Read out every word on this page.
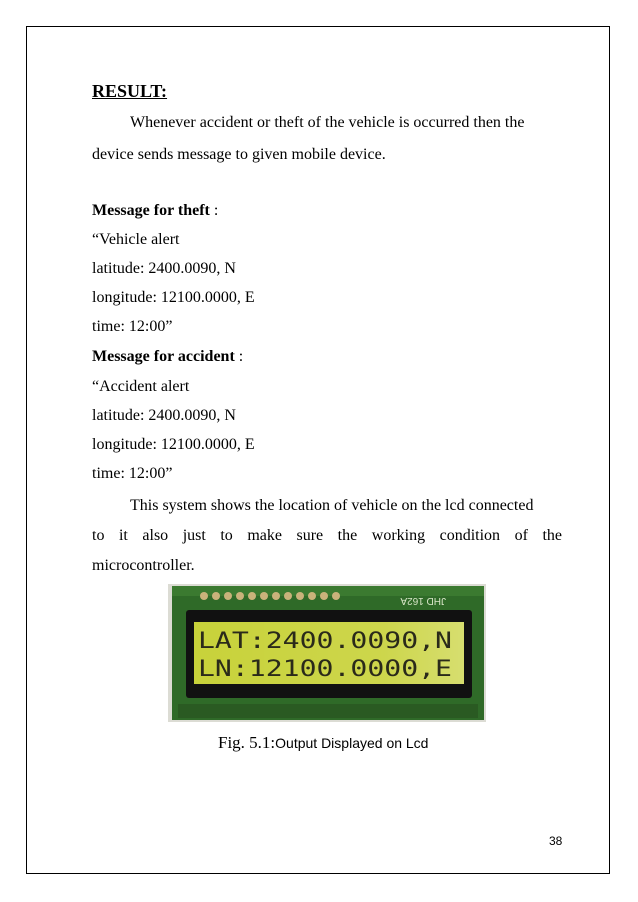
RESULT:
Whenever accident or theft of the vehicle is occurred then the
device sends message to given mobile device.
Message for theft :
“Vehicle alert
latitude: 2400.0090, N
longitude: 12100.0000, E
time: 12:00”
Message for accident :
“Accident alert
latitude: 2400.0090, N
longitude: 12100.0000, E
time: 12:00”
This system shows the location of vehicle on the lcd connected
to it also just to make sure the working condition of the
microcontroller.
JHD 162A
LAT:2400.0090,N
LN:12100.0000,E
Fig. 5.1:Output Displayed on Lcd
38
